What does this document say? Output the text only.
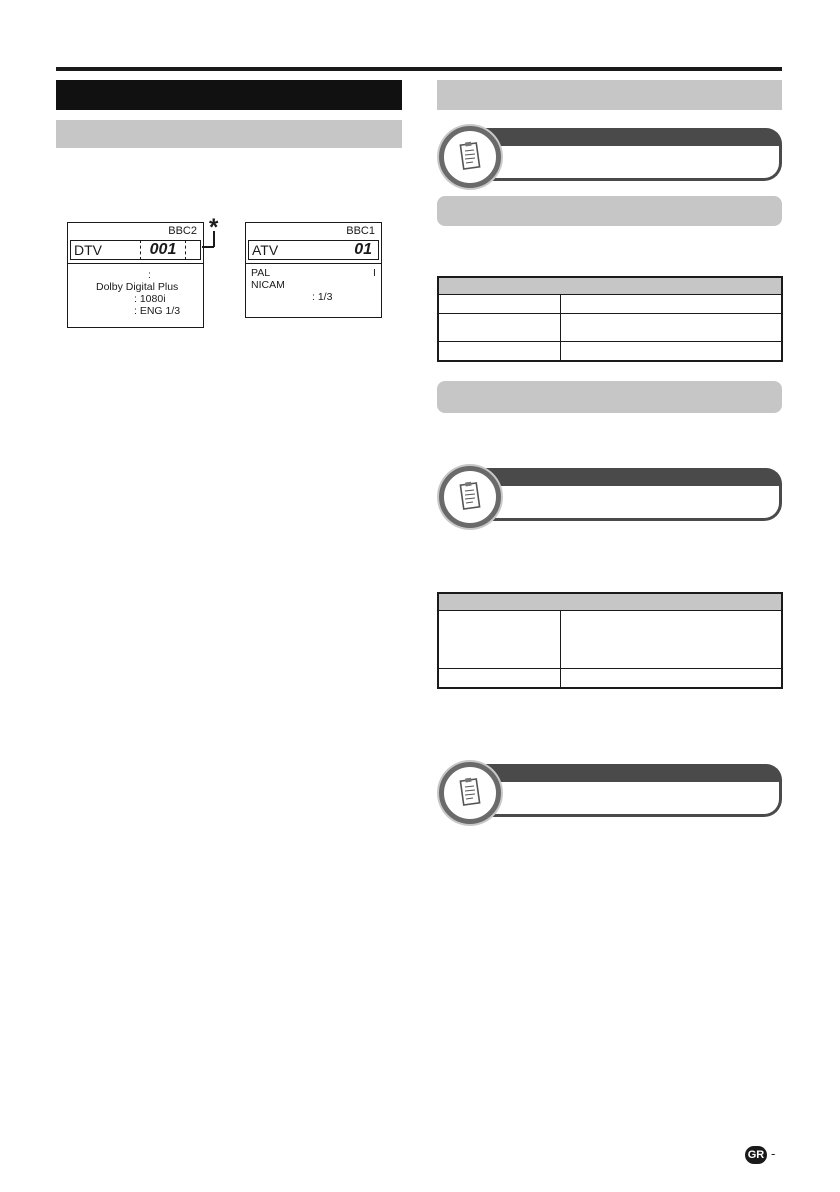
BBC2
DTV	001
:
Dolby Digital Plus
: 1080i
: ENG 1/3
*	BBC1
ATV	01
PAL	I
NICAM
: 1/3

GR -
